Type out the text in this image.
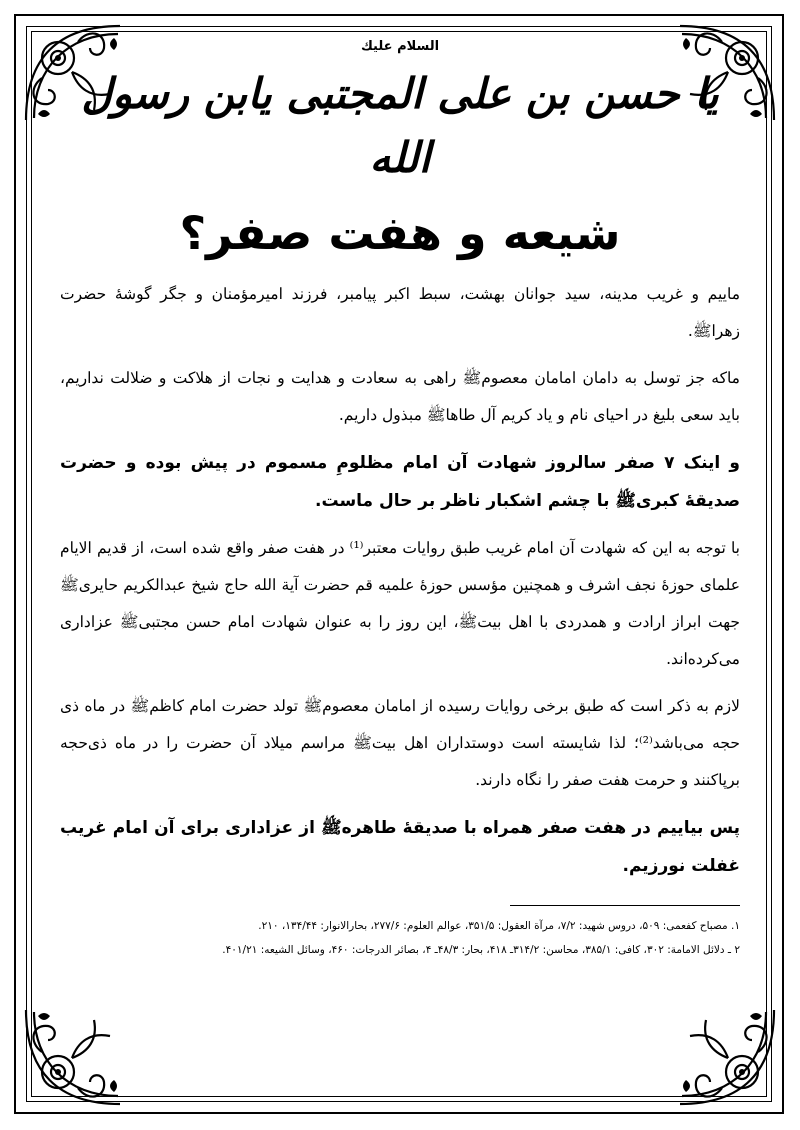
السلام علیك

یا حسن بن علی المجتبی یابن رسول الله

شیعه و هفت صفر؟

ماییم و غریب مدینه، سید جوانان بهشت، سبط اکبر پیامبر، فرزند امیرمؤمنان و جگر گوشهٔ حضرت زهراﷺ.

ماکه جز توسل به دامان امامان معصومﷺ راهی به سعادت و هدایت و نجات از هلاکت و ضلالت نداریم، باید سعی بلیغ در احیای نام و یاد کریم آل طاهاﷺ مبذول داریم.

و اینک ۷ صفر سالروز شهادت آن امام مظلومِ مسموم در پیش بوده و حضرت صدیقهٔ کبریﷺ با چشم اشکبار ناظر بر حال ماست.

با توجه به این که شهادت آن امام غریب طبق روایات معتبر⁽¹⁾ در هفت صفر واقع شده است، از قدیم الایام علمای حوزهٔ نجف اشرف و همچنین مؤسس حوزهٔ علمیه قم حضرت آیة الله حاج شیخ عبدالکریم حایریﷺ جهت ابراز ارادت و همدردی با اهل بیتﷺ، این روز را به عنوان شهادت امام حسن مجتبیﷺ عزاداری می‌کرده‌اند.

لازم به ذکر است که طبق برخی روایات رسیده از امامان معصومﷺ تولد حضرت امام کاظمﷺ در ماه ذی حجه می‌باشد⁽²⁾؛ لذا شایسته است دوستداران اهل بیتﷺ مراسم میلاد آن حضرت را در ماه ذی‌حجه برپاکنند و حرمت هفت صفر را نگاه دارند.

پس بیاییم در هفت صفر همراه با صدیقهٔ طاهرهﷺ از عزاداری برای آن امام غریب غفلت نورزیم.

۱. مصباح کفعمی: ۵۰۹، دروس شهید: ۷/۲، مرآة العقول: ۳۵۱/۵، عوالم العلوم: ۲۷۷/۶، بحارالانوار: ۱۳۴/۴۴، ۲۱۰.

۲ ـ دلائل الامامة: ۳۰۲، کافی: ۳۸۵/۱، محاسن: ۳۱۴/۲ـ ۴۱۸، بحار: ۴۸/۳ـ ۴، بصائر الدرجات: ۴۶۰، وسائل الشیعه: ۴۰۱/۲۱.
